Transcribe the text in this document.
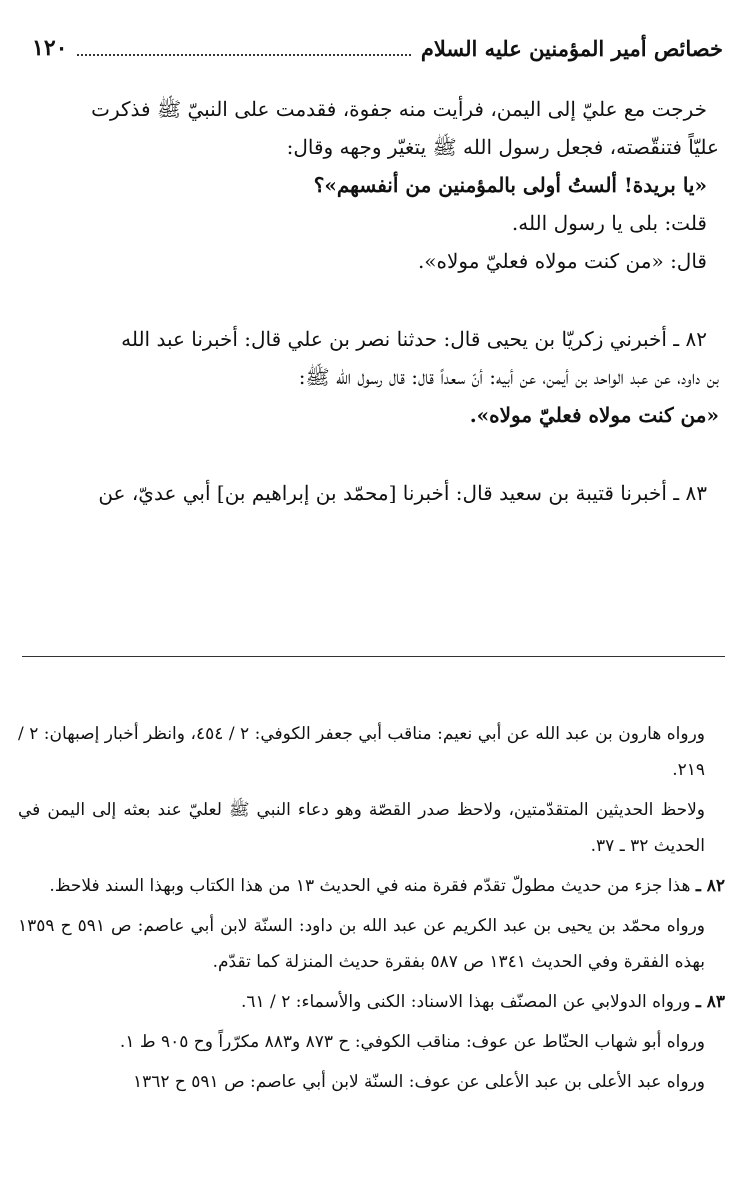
خصائص أمير المؤمنين عليه السلام
١٢٠

خرجت مع عليّ إلى اليمن، فرأيت منه جفوة، فقدمت على النبيّ ﷺ فذكرت

عليّاً فتنقّصته، فجعل رسول الله ﷺ يتغيّر وجهه وقال:

«يا بريدة! ألستُ أولى بالمؤمنين من أنفسهم»؟

قلت: بلى يا رسول الله.

قال: «من كنت مولاه فعليّ مولاه».

٨٢ ـ أخبرني زكريّا بن يحيى قال: حدثنا نصر بن علي قال: أخبرنا عبد الله

بن داود، عن عبد الواحد بن أيمن، عن أبيه: أنّ سعداً قال: قال رسول الله ﷺ:

«من كنت مولاه فعليّ مولاه».

٨٣ ـ أخبرنا قتيبة بن سعيد قال: أخبرنا [محمّد بن إبراهيم بن] أبي عديّ، عن

ورواه هارون بن عبد الله عن أبي نعيم: مناقب أبي جعفر الكوفي: ٢ / ٤٥٤، وانظر أخبار إصبهان: ٢ / ٢١٩.

ولاحظ الحديثين المتقدّمتين، ولاحظ صدر القصّة وهو دعاء النبي ﷺ لعليّ عند بعثه إلى اليمن في الحديث ٣٢ ـ ٣٧.

٨٢ ـ هذا جزء من حديث مطولّ تقدّم فقرة منه في الحديث ١٣ من هذا الكتاب وبهذا السند فلاحظ.

ورواه محمّد بن يحيى بن عبد الكريم عن عبد الله بن داود: السنّة لابن أبي عاصم: ص ٥٩١ ح ١٣٥٩ بهذه الفقرة وفي الحديث ١٣٤١ ص ٥٨٧ بفقرة حديث المنزلة كما تقدّم.

٨٣ ـ ورواه الدولابي عن المصنّف بهذا الاسناد: الكنى والأسماء: ٢ / ٦١.

ورواه أبو شهاب الحنّاط عن عوف: مناقب الكوفي: ح ٨٧٣ و٨٨٣ مكرّراً وح ٩٠٥ ط ١.

ورواه عبد الأعلى بن عبد الأعلى عن عوف: السنّة لابن أبي عاصم: ص ٥٩١ ح ١٣٦٢
